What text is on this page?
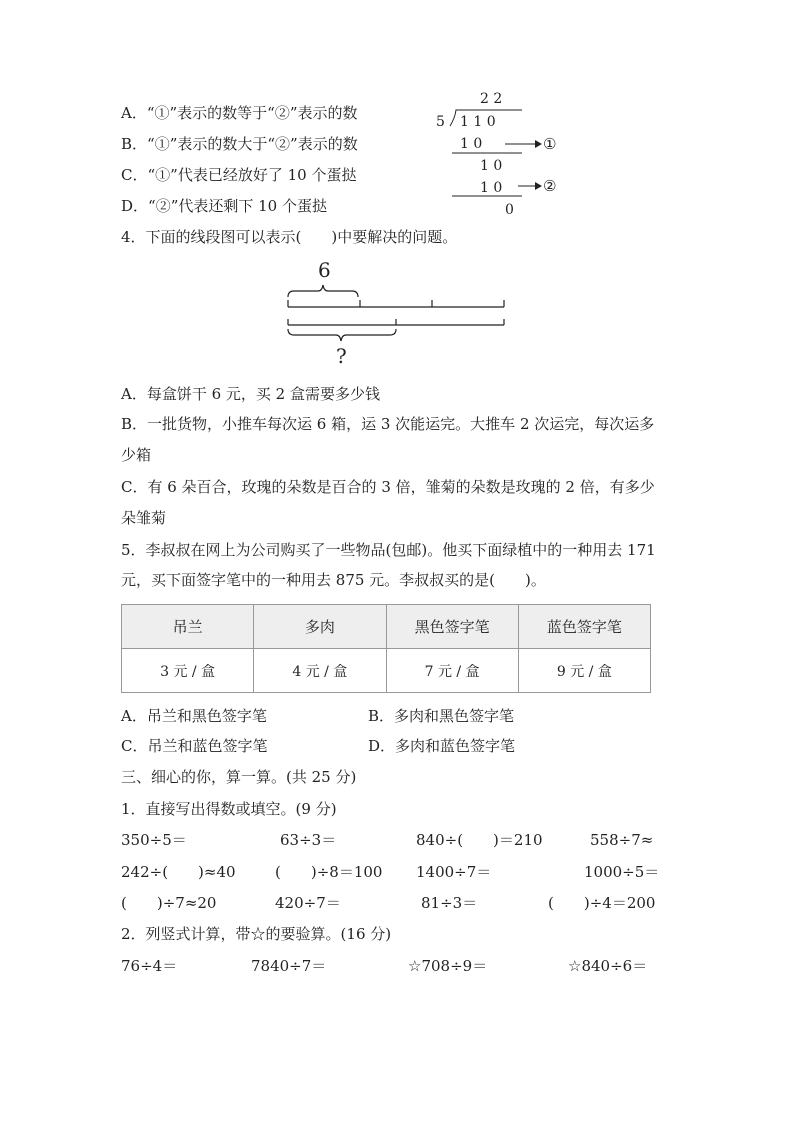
A．“①”表示的数等于“②”表示的数
B．“①”表示的数大于“②”表示的数
C．“①”代表已经放好了 10 个蛋挞
D．“②”代表还剩下 10 个蛋挞
2 2
5 1 1 0
1 0	①
1 0
1 0	②
0
4．下面的线段图可以表示(　　)中要解决的问题。
6
?
A．每盒饼干 6 元，买 2 盒需要多少钱
B．一批货物，小推车每次运 6 箱，运 3 次能运完。大推车 2 次运完，每次运多
少箱
C．有 6 朵百合，玫瑰的朵数是百合的 3 倍，雏菊的朵数是玫瑰的 2 倍，有多少
朵雏菊
5．李叔叔在网上为公司购买了一些物品(包邮)。他买下面绿植中的一种用去 171
元，买下面签字笔中的一种用去 875 元。李叔叔买的是(　　)。
吊兰	多肉	黑色签字笔	蓝色签字笔
3 元 / 盒	4 元 / 盒	7 元 / 盒	9 元 / 盒
A．吊兰和黑色签字笔	B．多肉和黑色签字笔
C．吊兰和蓝色签字笔	D．多肉和蓝色签字笔
三、细心的你，算一算。(共 25 分)
1．直接写出得数或填空。(9 分)
350÷5＝	63÷3＝	840÷(　　)＝210	558÷7≈
242÷(　　)≈40	(　　)÷8＝100 1400÷7＝	1000÷5＝
(　　)÷7≈20	420÷7＝	81÷3＝	(　　)÷4＝200
2．列竖式计算，带☆的要验算。(16 分)
76÷4＝	7840÷7＝	☆708÷9＝	☆840÷6＝
